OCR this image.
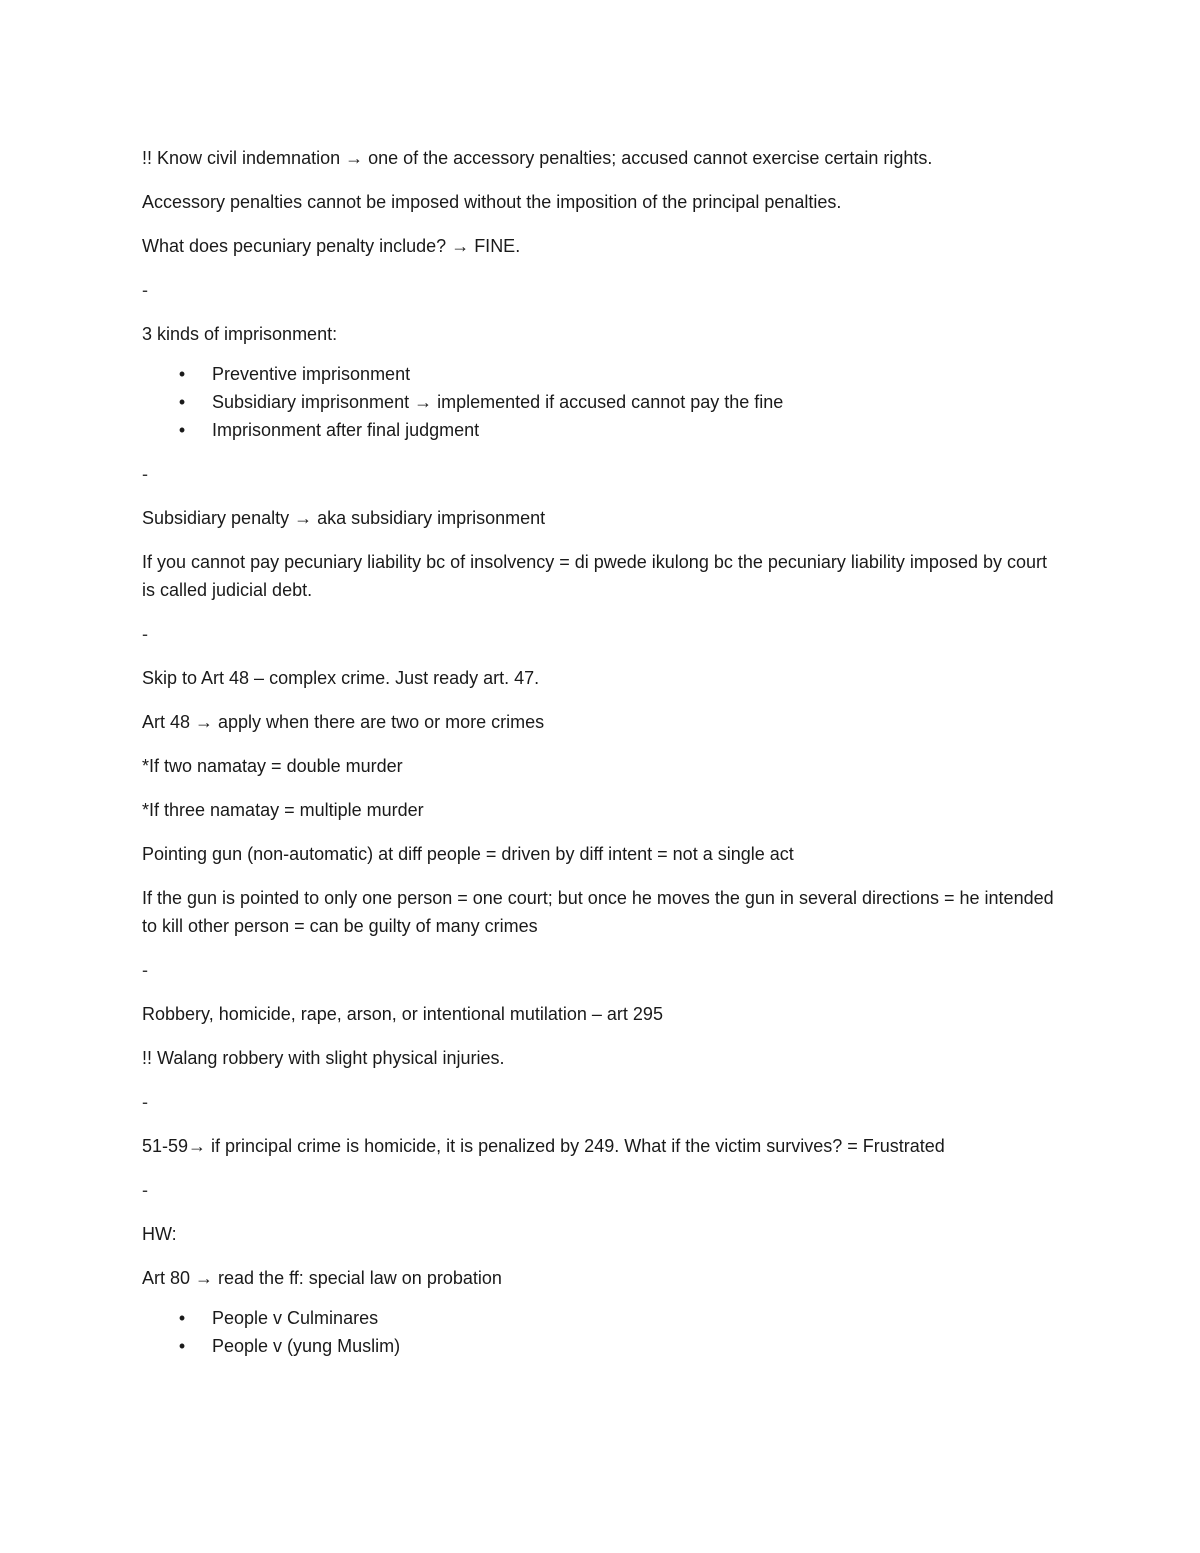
!! Know civil indemnation → one of the accessory penalties; accused cannot exercise certain rights.

Accessory penalties cannot be imposed without the imposition of the principal penalties.

What does pecuniary penalty include? → FINE.

-

3 kinds of imprisonment:

• Preventive imprisonment
• Subsidiary imprisonment → implemented if accused cannot pay the fine
• Imprisonment after final judgment

-

Subsidiary penalty → aka subsidiary imprisonment

If you cannot pay pecuniary liability bc of insolvency = di pwede ikulong bc the pecuniary liability imposed by court is called judicial debt.

-

Skip to Art 48 – complex crime. Just ready art. 47.

Art 48 → apply when there are two or more crimes

*If two namatay = double murder

*If three namatay = multiple murder

Pointing gun (non-automatic) at diff people = driven by diff intent = not a single act

If the gun is pointed to only one person = one court; but once he moves the gun in several directions = he intended to kill other person = can be guilty of many crimes

-

Robbery, homicide, rape, arson, or intentional mutilation – art 295

!! Walang robbery with slight physical injuries.

-

51-59→ if principal crime is homicide, it is penalized by 249. What if the victim survives? = Frustrated

-

HW:

Art 80 → read the ff: special law on probation

• People v Culminares
• People v (yung Muslim)
